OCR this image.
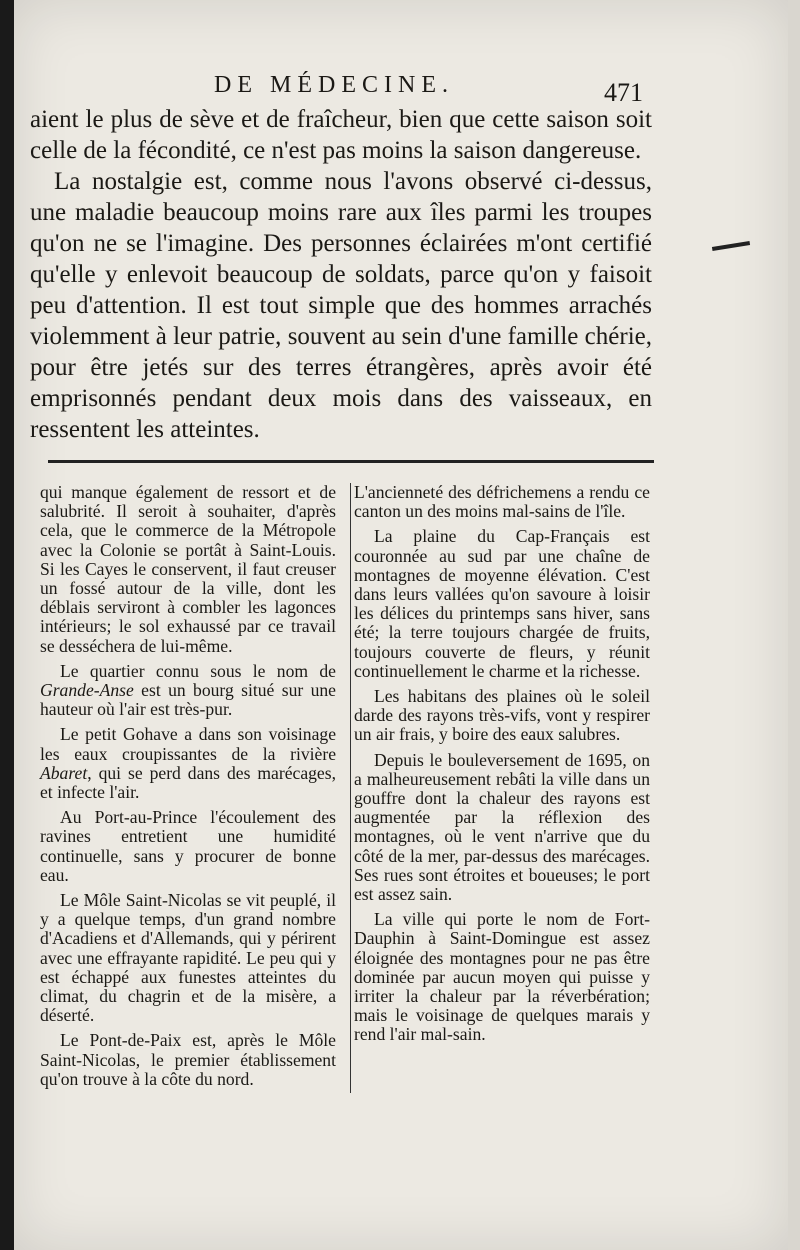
DE MÉDECINE.	471

aient le plus de sève et de fraîcheur, bien que cette saison soit celle de la fécondité, ce n'est pas moins la saison dangereuse.

La nostalgie est, comme nous l'avons observé ci-dessus, une maladie beaucoup moins rare aux îles parmi les troupes qu'on ne se l'imagine. Des personnes éclairées m'ont certifié qu'elle y enlevoit beaucoup de soldats, parce qu'on y faisoit peu d'attention. Il est tout simple que des hommes arrachés violemment à leur patrie, souvent au sein d'une famille chérie, pour être jetés sur des terres étrangères, après avoir été emprisonnés pendant deux mois dans des vaisseaux, en ressentent les atteintes.

qui manque également de ressort et de salubrité. Il seroit à souhaiter, d'après cela, que le commerce de la Métropole avec la Colonie se portât à Saint-Louis. Si les Cayes le conservent, il faut creuser un fossé autour de la ville, dont les déblais serviront à combler les lagonces intérieurs; le sol exhaussé par ce travail se desséchera de lui-même.

Le quartier connu sous le nom de Grande-Anse est un bourg situé sur une hauteur où l'air est très-pur.

Le petit Gohave a dans son voisinage les eaux croupissantes de la rivière Abaret, qui se perd dans des marécages, et infecte l'air.

Au Port-au-Prince l'écoulement des ravines entretient une humidité continuelle, sans y procurer de bonne eau.

Le Môle Saint-Nicolas se vit peuplé, il y a quelque temps, d'un grand nombre d'Acadiens et d'Allemands, qui y périrent avec une effrayante rapidité. Le peu qui y est échappé aux funestes atteintes du climat, du chagrin et de la misère, a déserté.

Le Pont-de-Paix est, après le Môle Saint-Nicolas, le premier établissement qu'on trouve à la côte du nord.

L'ancienneté des défrichemens a rendu ce canton un des moins mal-sains de l'île.

La plaine du Cap-Français est couronnée au sud par une chaîne de montagnes de moyenne élévation. C'est dans leurs vallées qu'on savoure à loisir les délices du printemps sans hiver, sans été; la terre toujours chargée de fruits, toujours couverte de fleurs, y réunit continuellement le charme et la richesse.

Les habitans des plaines où le soleil darde des rayons très-vifs, vont y respirer un air frais, y boire des eaux salubres.

Depuis le bouleversement de 1695, on a malheureusement rebâti la ville dans un gouffre dont la chaleur des rayons est augmentée par la réflexion des montagnes, où le vent n'arrive que du côté de la mer, par-dessus des marécages. Ses rues sont étroites et boueuses; le port est assez sain.

La ville qui porte le nom de Fort-Dauphin à Saint-Domingue est assez éloignée des montagnes pour ne pas être dominée par aucun moyen qui puisse y irriter la chaleur par la réverbération; mais le voisinage de quelques marais y rend l'air mal-sain.
